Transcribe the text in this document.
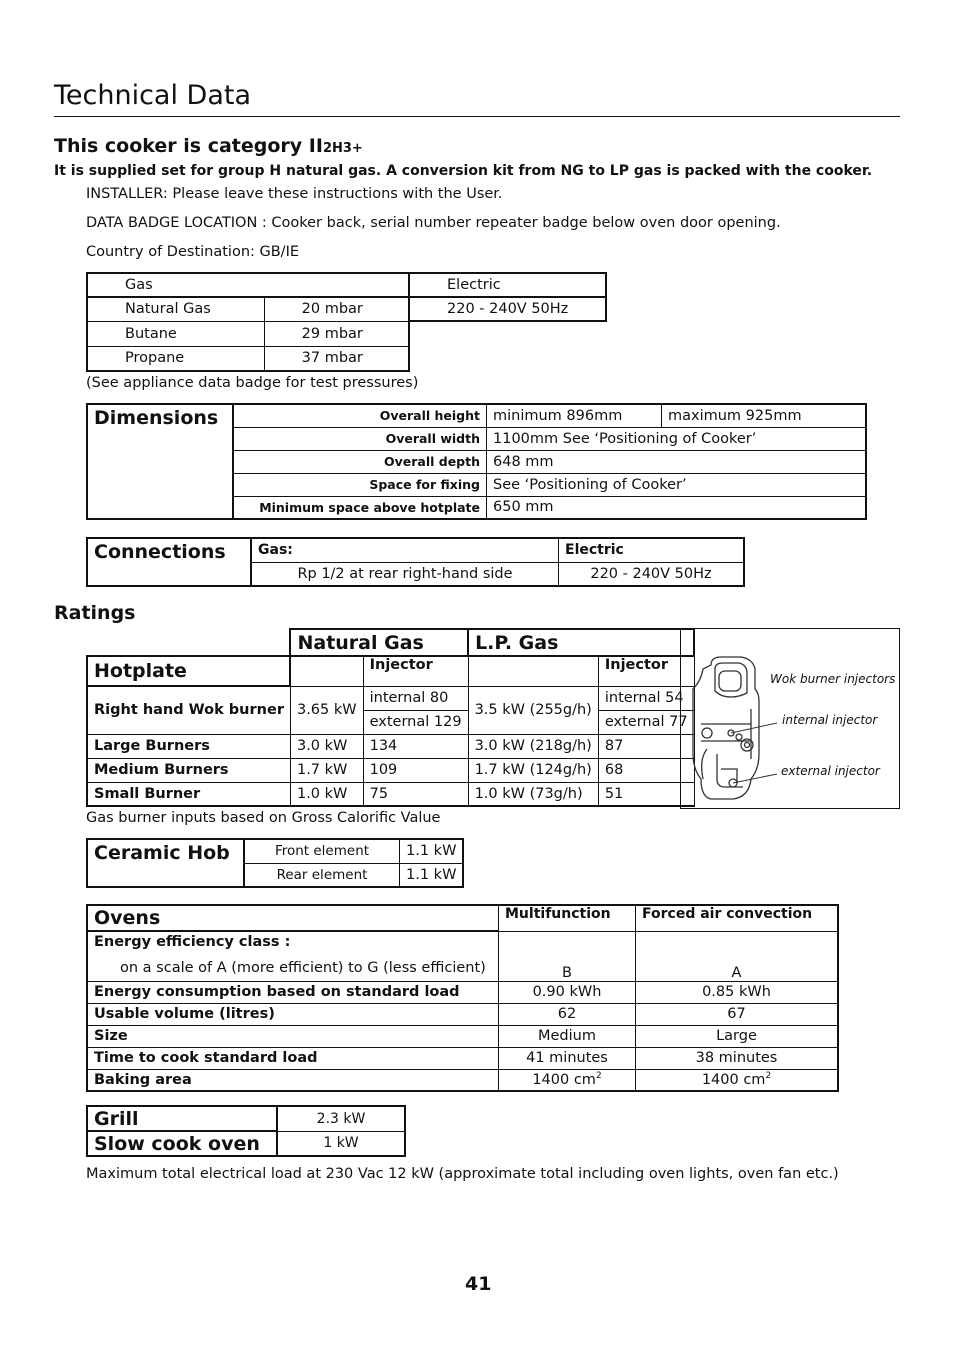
Technical Data
This cooker is category II2H3+
It is supplied set for group H natural gas. A conversion kit from NG to LP gas is packed with the cooker.
INSTALLER: Please leave these instructions with the User.
DATA BADGE LOCATION : Cooker back, serial number repeater badge below oven door opening.
Country of Destination: GB/IE
Gas		Electric
Natural Gas	20 mbar	220 - 240V 50Hz
Butane	29 mbar	
Propane	37 mbar	
(See appliance data badge for test pressures)
Dimensions	Overall height	minimum 896mm	maximum 925mm
	Overall width	1100mm See ‘Positioning of Cooker’	
	Overall depth	648 mm	
	Space for fixing	See ‘Positioning of Cooker’	
	Minimum space above hotplate	650 mm	
Connections	Gas:	Electric
	Rp 1/2 at rear right-hand side	220 - 240V 50Hz
Ratings
	Natural Gas		L.P. Gas	
Hotplate		Injector		Injector
Right hand Wok burner	3.65 kW	internal 80	3.5 kW (255g/h)	internal 54
		external 129		external 77
Large Burners	3.0 kW	134	3.0 kW (218g/h)	87
Medium Burners	1.7 kW	109	1.7 kW (124g/h)	68
Small Burner	1.0 kW	75	1.0 kW (73g/h)	51
Wok burner injectors
internal injector
external injector
Gas burner inputs based on Gross Calorific Value
Ceramic Hob	Front element	1.1 kW
	Rear element	1.1 kW
Ovens	Multifunction	Forced air convection

Energy efficiency class :
on a scale of A (more efficient) to G (less efficient)	B	A
Energy consumption based on standard load	0.90 kWh	0.85 kWh
Usable volume (litres)	62	67
Size	Medium	Large
Time to cook standard load	41 minutes	38 minutes
Baking area	1400 $cm^2$	1400 $cm^2$
Grill	2.3 kW
Slow cook oven	1 kW
Maximum total electrical load at 230 Vac 12 kW (approximate total including oven lights, oven fan etc.)
41
